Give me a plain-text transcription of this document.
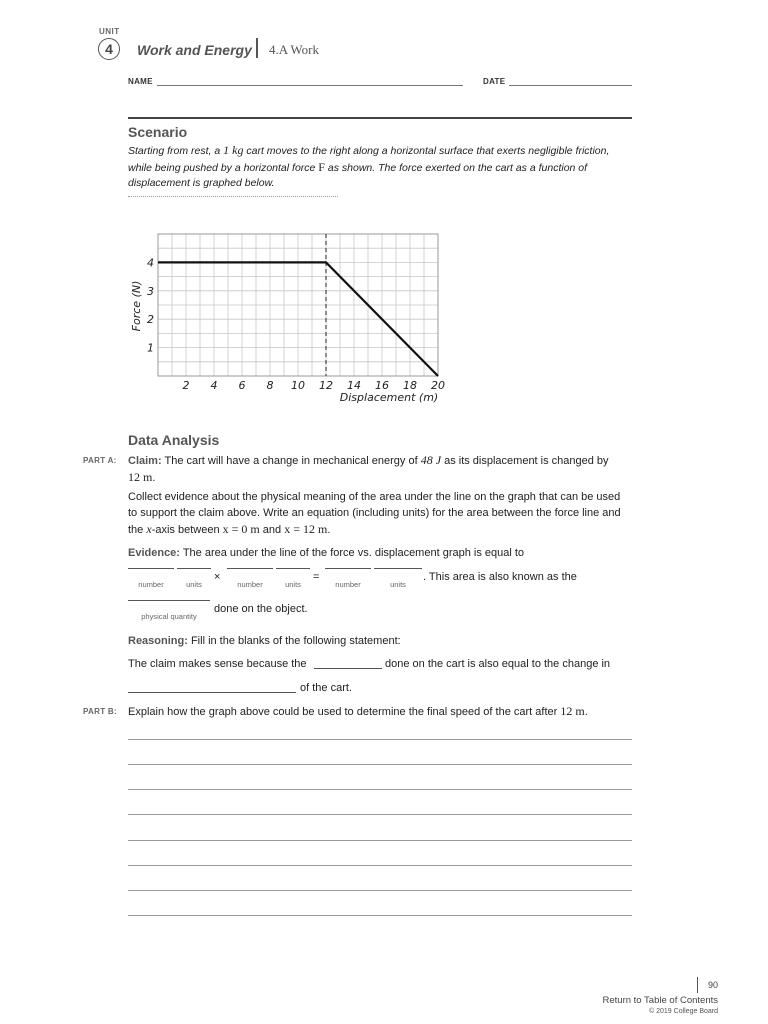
UNIT
4	Work and Energy 4.A Work
NAME	DATE
Scenario
Starting from rest, a 1 kg cart moves to the right along a horizontal surface that exerts negligible friction, while being pushed by a horizontal force F as shown. The force exerted on the cart as a function of displacement is graphed below.
2 4 6 8 10 12 14 16 18 20
1
2
3
4
Force (N)
Displacement (m)
Data Analysis
PART A: Claim: The cart will have a change in mechanical energy of 48 J as its displacement is changed by 12 m.
Collect evidence about the physical meaning of the area under the line on the graph that can be used to support the claim above. Write an equation (including units) for the area between the force line and the x-axis between x = 0 m and x = 12 m.
Evidence: The area under the line of the force vs. displacement graph is equal to
number	units
×
number	units
=
number	units
. This area is also known as the
physical quantity
done on the object.
Reasoning: Fill in the blanks of the following statement:
The claim makes sense because the	done on the cart is also equal to the change in
of the cart.
PART B: Explain how the graph above could be used to determine the final speed of the cart after 12 m.
90
Return to Table of Contents
© 2019 College Board
